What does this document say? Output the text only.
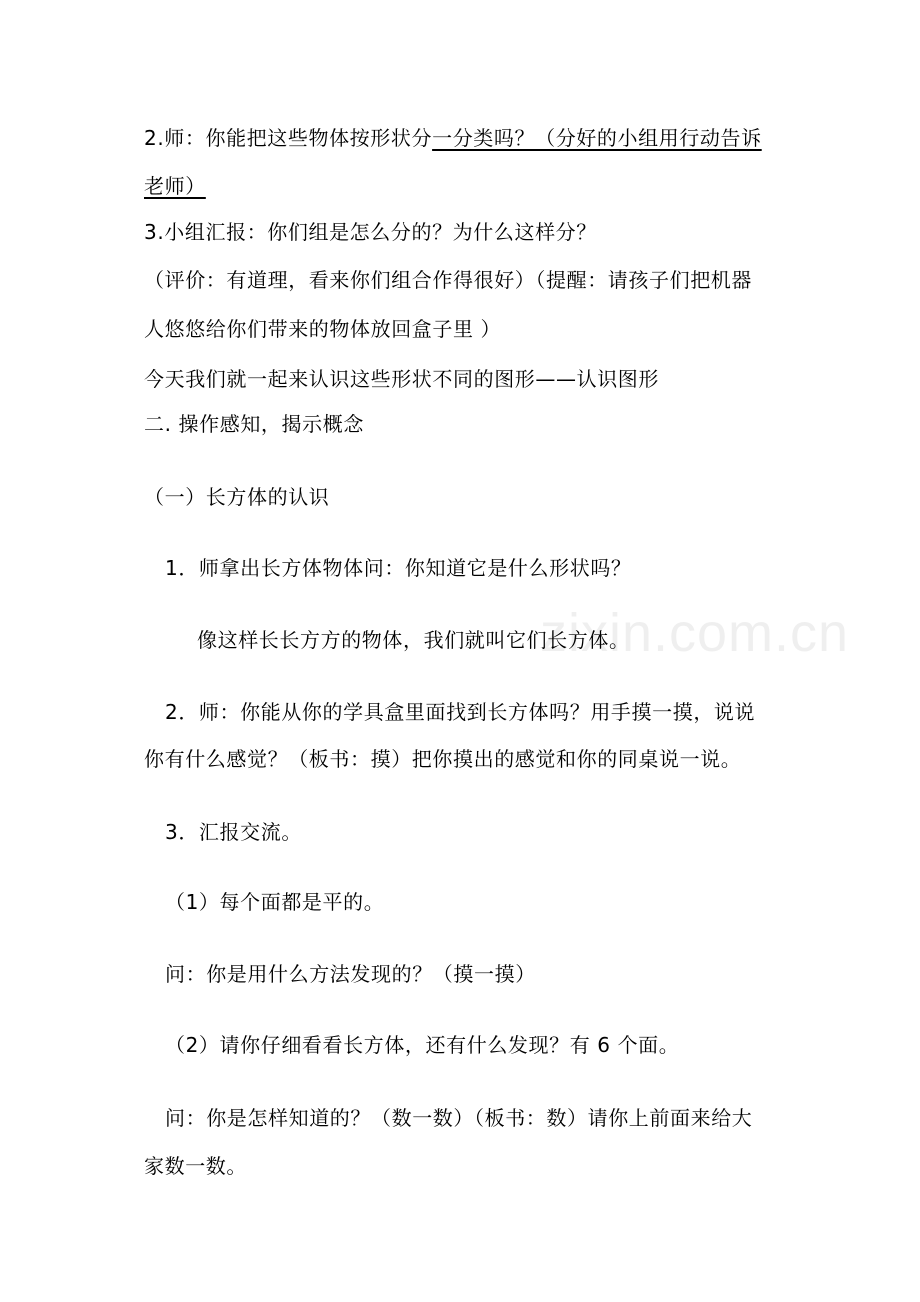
2.师：你能把这些物体按形状分一分类吗？（分好的小组用行动告诉
老师）
3.小组汇报：你们组是怎么分的？为什么这样分？
（评价：有道理，看来你们组合作得很好）（提醒：请孩子们把机器
人悠悠给你们带来的物体放回盒子里 ）
今天我们就一起来认识这些形状不同的图形——认识图形
二. 操作感知，揭示概念
（一）长方体的认识
1．师拿出长方体物体问：你知道它是什么形状吗？
像这样长长方方的物体，我们就叫它们长方体。
2．师：你能从你的学具盒里面找到长方体吗？用手摸一摸，说说
你有什么感觉？（板书：摸）把你摸出的感觉和你的同桌说一说。
3．汇报交流。
（1）每个面都是平的。
问：你是用什么方法发现的？（摸一摸）
（2）请你仔细看看长方体，还有什么发现？有 6 个面。
问：你是怎样知道的？（数一数）（板书：数）请你上前面来给大
家数一数。
zixin.com.cn
